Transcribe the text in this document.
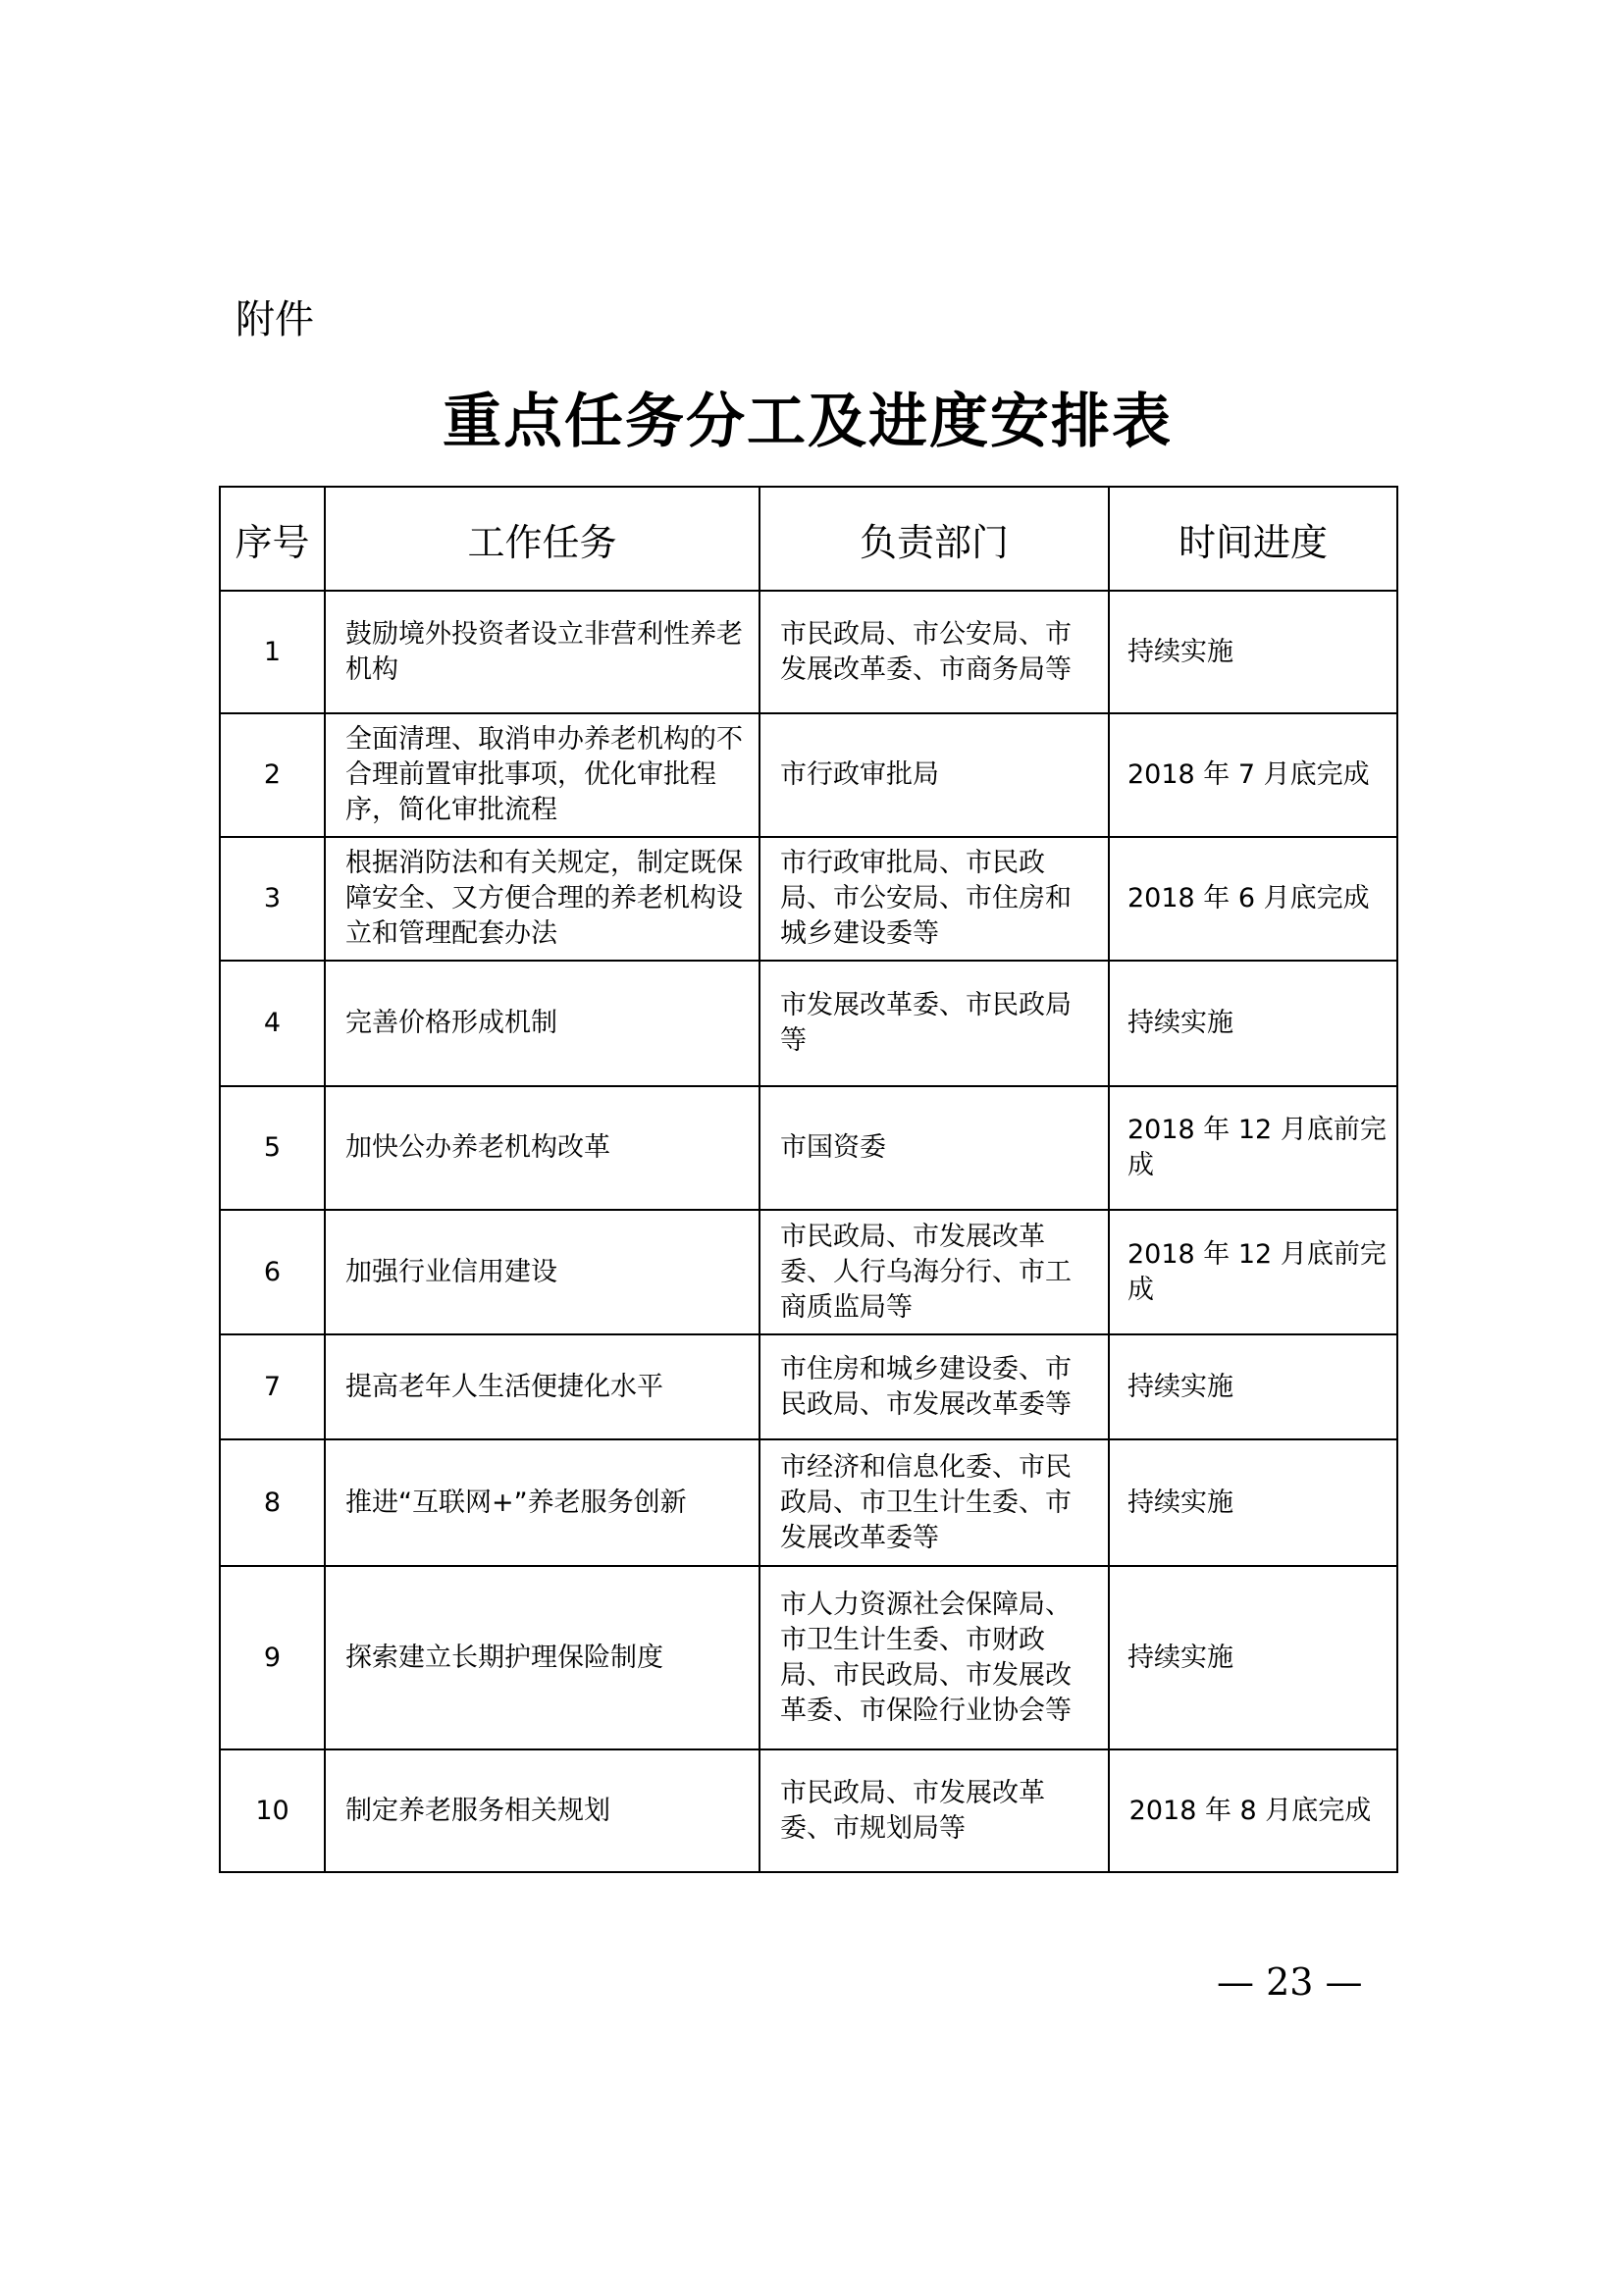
附件
重点任务分工及进度安排表
序号	工作任务	负责部门	时间进度
1	鼓励境外投资者设立非营利性养老机构	市民政局、市公安局、市发展改革委、市商务局等	持续实施
2	全面清理、取消申办养老机构的不合理前置审批事项，优化审批程序，简化审批流程	市行政审批局	2018 年 7 月底完成
3	根据消防法和有关规定，制定既保障安全、又方便合理的养老机构设立和管理配套办法	市行政审批局、市民政局、市公安局、市住房和城乡建设委等	2018 年 6 月底完成
4	完善价格形成机制	市发展改革委、市民政局等	持续实施
5	加快公办养老机构改革	市国资委	2018 年 12 月底前完成
6	加强行业信用建设	市民政局、市发展改革委、人行乌海分行、市工商质监局等	2018 年 12 月底前完成
7	提高老年人生活便捷化水平	市住房和城乡建设委、市民政局、市发展改革委等	持续实施
8	推进“互联网+”养老服务创新	市经济和信息化委、市民政局、市卫生计生委、市发展改革委等	持续实施
9	探索建立长期护理保险制度	市人力资源社会保障局、市卫生计生委、市财政局、市民政局、市发展改革委、市保险行业协会等	持续实施
10	制定养老服务相关规划	市民政局、市发展改革委、市规划局等	2018 年 8 月底完成
— 23 —
